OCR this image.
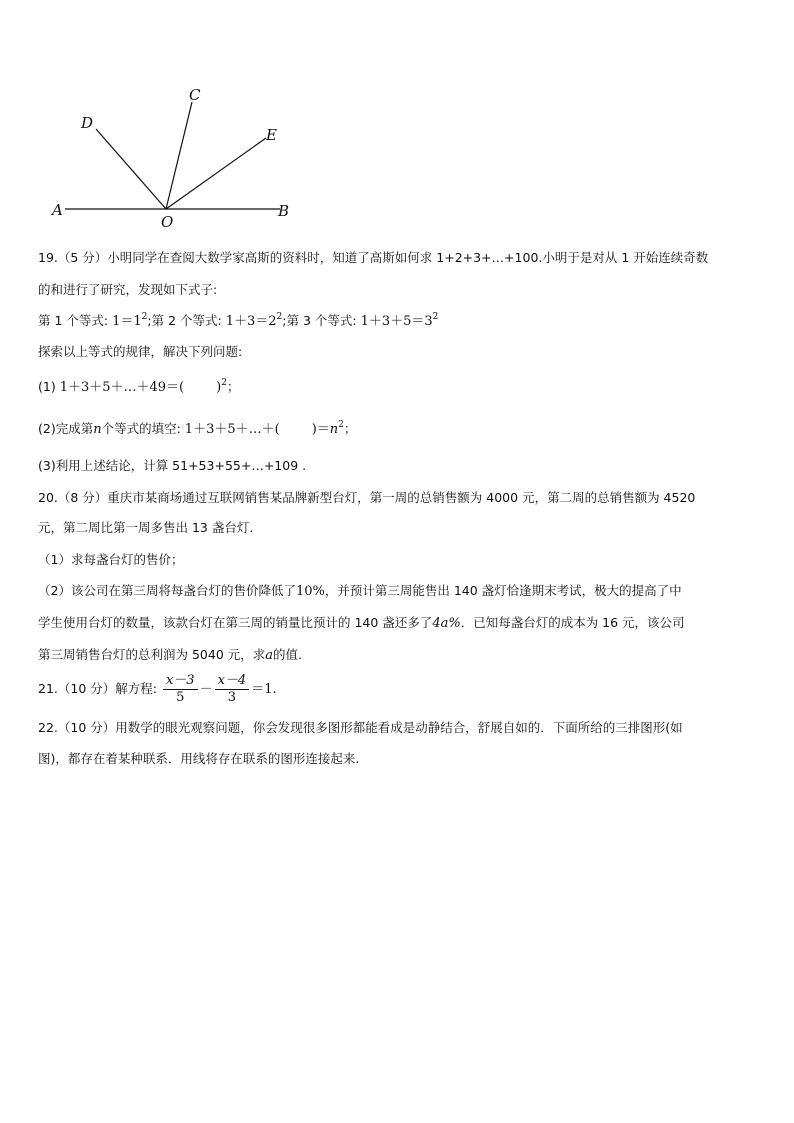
A	B
C
D
E
O
19.（5 分）小明同学在查阅大数学家高斯的资料时，知道了高斯如何求 1+2+3+…+100.小明于是对从 1 开始连续奇数
的和进行了研究，发现如下式子:
第 1 个等式: $1=1^2$;第 2 个等式: $1+3=2^2$;第 3 个等式: $1+3+5=3^2$
探索以上等式的规律，解决下列问题:
(1) 1＋3＋5＋…＋49＝( )$^2$；
(2)完成第n个等式的填空: 1＋3＋5＋…＋( )$=n^2$；
(3)利用上述结论，计算 51+53+55+…+109 .
20.（8 分）重庆市某商场通过互联网销售某品牌新型台灯，第一周的总销售额为 4000 元，第二周的总销售额为 4520
元，第二周比第一周多售出 13 盏台灯.
（1）求每盏台灯的售价；
（2）该公司在第三周将每盏台灯的售价降低了10%，并预计第三周能售出 140 盏灯恰逢期末考试，极大的提高了中
学生使用台灯的数量，该款台灯在第三周的销量比预计的 140 盏还多了4a%．已知每盏台灯的成本为 16 元，该公司
第三周销售台灯的总利润为 5040 元，求a的值.
21.（10 分）解方程: $\frac{x-3}{5} - \frac{x-4}{3} =1$.
22.（10 分）用数学的眼光观察问题，你会发现很多图形都能看成是动静结合，舒展自如的．下面所给的三排图形(如
图)，都存在着某种联系．用线将存在联系的图形连接起来.
